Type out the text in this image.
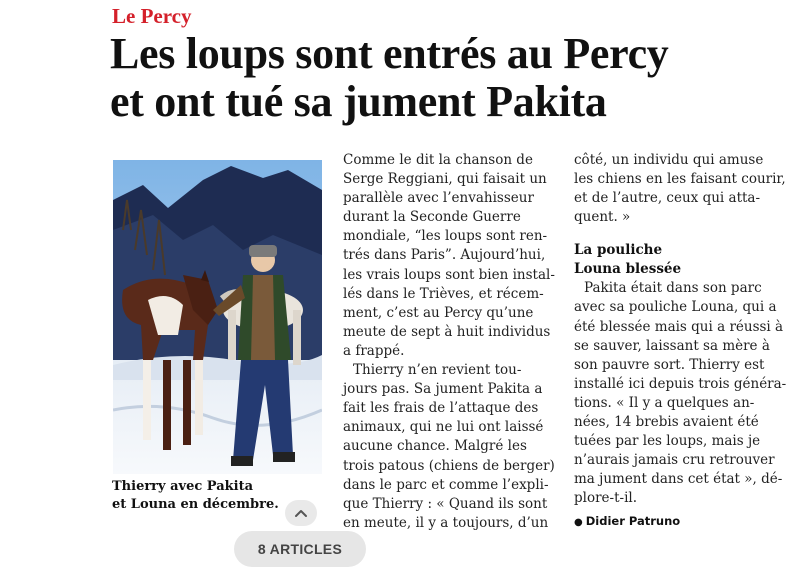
Le Percy
Les loups sont entrés au Percy
et ont tué sa jument Pakita
Thierry avec Pakita
et Louna en décembre.
Comme le dit la chanson de
Serge Reggiani, qui faisait un
parallèle avec l’envahisseur
durant la Seconde Guerre
mondiale, “les loups sont ren-
trés dans Paris”. Aujourd’hui,
les vrais loups sont bien instal-
lés dans le Trièves, et récem-
ment, c’est au Percy qu’une
meute de sept à huit individus
a frappé.
Thierry n’en revient tou-
jours pas. Sa jument Pakita a
fait les frais de l’attaque des
animaux, qui ne lui ont laissé
aucune chance. Malgré les
trois patous (chiens de berger)
dans le parc et comme l’expli-
que Thierry : « Quand ils sont
en meute, il y a toujours, d’un
côté, un individu qui amuse
les chiens en les faisant courir,
et de l’autre, ceux qui atta-
quent. »
La pouliche
Louna blessée
Pakita était dans son parc
avec sa pouliche Louna, qui a
été blessée mais qui a réussi à
se sauver, laissant sa mère à
son pauvre sort. Thierry est
installé ici depuis trois généra-
tions. « Il y a quelques an-
nées, 14 brebis avaient été
tuées par les loups, mais je
n’aurais jamais cru retrouver
ma jument dans cet état », dé-
plore-t-il.
● Didier Patruno
8 ARTICLES
